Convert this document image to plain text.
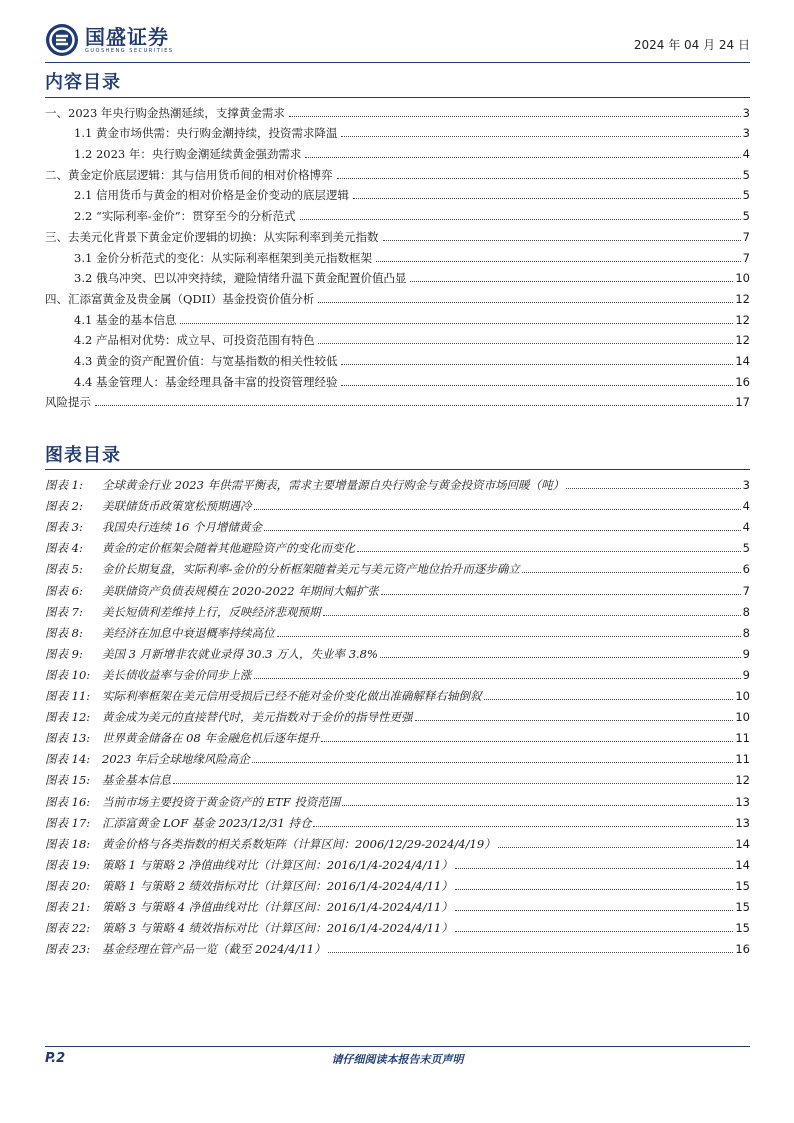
国盛证券
GUOSHENG SECURITIES	2024 年 04 月 24 日
内容目录
一、2023 年央行购金热潮延续，支撑黄金需求	3
1.1 黄金市场供需：央行购金潮持续，投资需求降温	3
1.2 2023 年：央行购金潮延续黄金强劲需求	4
二、黄金定价底层逻辑：其与信用货币间的相对价格博弈	5
2.1 信用货币与黄金的相对价格是金价变动的底层逻辑	5
2.2 “实际利率-金价”：贯穿至今的分析范式	5
三、去美元化背景下黄金定价逻辑的切换：从实际利率到美元指数	7
3.1 金价分析范式的变化：从实际利率框架到美元指数框架	7
3.2 俄乌冲突、巴以冲突持续，避险情绪升温下黄金配置价值凸显	10
四、汇添富黄金及贵金属（QDII）基金投资价值分析	12
4.1 基金的基本信息	12
4.2 产品相对优势：成立早、可投资范围有特色	12
4.3 黄金的资产配置价值：与宽基指数的相关性较低	14
4.4 基金管理人：基金经理具备丰富的投资管理经验	16
风险提示	17
图表目录
图表 1:	全球黄金行业 2023 年供需平衡表，需求主要增量源自央行购金与黄金投资市场回暖（吨）	3
图表 2:	美联储货币政策宽松预期遇冷	4
图表 3:	我国央行连续 16 个月增储黄金	4
图表 4:	黄金的定价框架会随着其他避险资产的变化而变化	5
图表 5:	金价长期复盘，实际利率-金价的分析框架随着美元与美元资产地位抬升而逐步确立	6
图表 6:	美联储资产负债表规模在 2020-2022 年期间大幅扩张	7
图表 7:	美长短债利差维持上行，反映经济悲观预期	8
图表 8:	美经济在加息中衰退概率持续高位	8
图表 9:	美国 3 月新增非农就业录得 30.3 万人，失业率 3.8%	9
图表 10:	美长债收益率与金价同步上涨	9
图表 11:	实际利率框架在美元信用受损后已经不能对金价变化做出准确解释右轴倒叙	10
图表 12:	黄金成为美元的直接替代时，美元指数对于金价的指导性更强	10
图表 13:	世界黄金储备在 08 年金融危机后逐年提升	11
图表 14:	2023 年后全球地缘风险高企	11
图表 15:	基金基本信息	12
图表 16:	当前市场主要投资于黄金资产的 ETF 投资范围	13
图表 17:	汇添富黄金 LOF 基金 2023/12/31 持仓	13
图表 18:	黄金价格与各类指数的相关系数矩阵（计算区间：2006/12/29-2024/4/19）	14
图表 19:	策略 1 与策略 2 净值曲线对比（计算区间：2016/1/4-2024/4/11）	14
图表 20:	策略 1 与策略 2 绩效指标对比（计算区间：2016/1/4-2024/4/11）	15
图表 21:	策略 3 与策略 4 净值曲线对比（计算区间：2016/1/4-2024/4/11）	15
图表 22:	策略 3 与策略 4 绩效指标对比（计算区间：2016/1/4-2024/4/11）	15
图表 23:	基金经理在管产品一览（截至 2024/4/11）	16
P.2	请仔细阅读本报告末页声明
